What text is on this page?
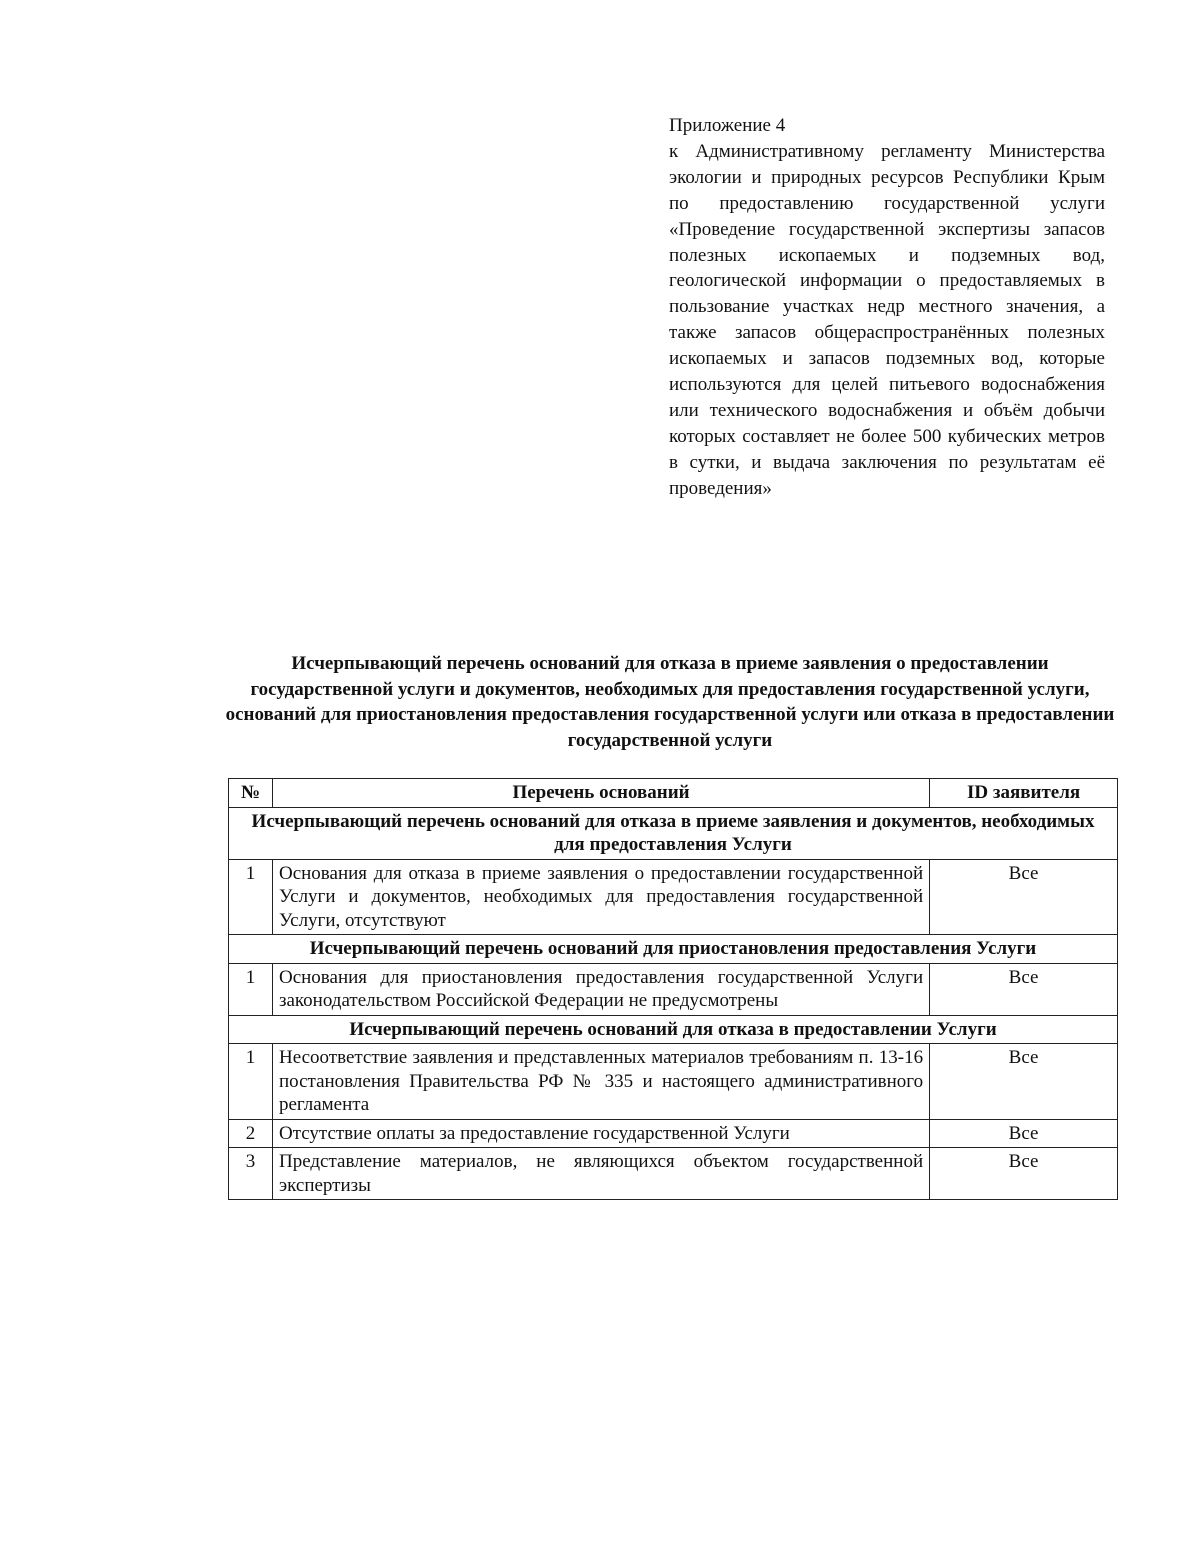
Приложение 4
к Административному регламенту Министерства экологии и природных ресурсов Республики Крым по предоставлению государственной услуги «Проведение государственной экспертизы запасов полезных ископаемых и подземных вод, геологической информации о предоставляемых в пользование участках недр местного значения, а также запасов общераспространённых полезных ископаемых и запасов подземных вод, которые используются для целей питьевого водоснабжения или технического водоснабжения и объём добычи которых составляет не более 500 кубических метров в сутки, и выдача заключения по результатам её проведения»
Исчерпывающий перечень оснований для отказа в приеме заявления о предоставлении государственной услуги и документов, необходимых для предоставления государственной услуги, оснований для приостановления предоставления государственной услуги или отказа в предоставлении государственной услуги
№	Перечень оснований	ID заявителя
Исчерпывающий перечень оснований для отказа в приеме заявления и документов, необходимых для предоставления Услуги		
1	Основания для отказа в приеме заявления о предоставлении государственной Услуги и документов, необходимых для предоставления государственной Услуги, отсутствуют	Все
Исчерпывающий перечень оснований для приостановления предоставления Услуги		
1	Основания для приостановления предоставления государственной Услуги законодательством Российской Федерации не предусмотрены	Все
Исчерпывающий перечень оснований для отказа в предоставлении Услуги		
1	Несоответствие заявления и представленных материалов требованиям п. 13-16 постановления Правительства РФ № 335 и настоящего административного регламента	Все
2	Отсутствие оплаты за предоставление государственной Услуги	Все
3	Представление материалов, не являющихся объектом государственной экспертизы	Все
